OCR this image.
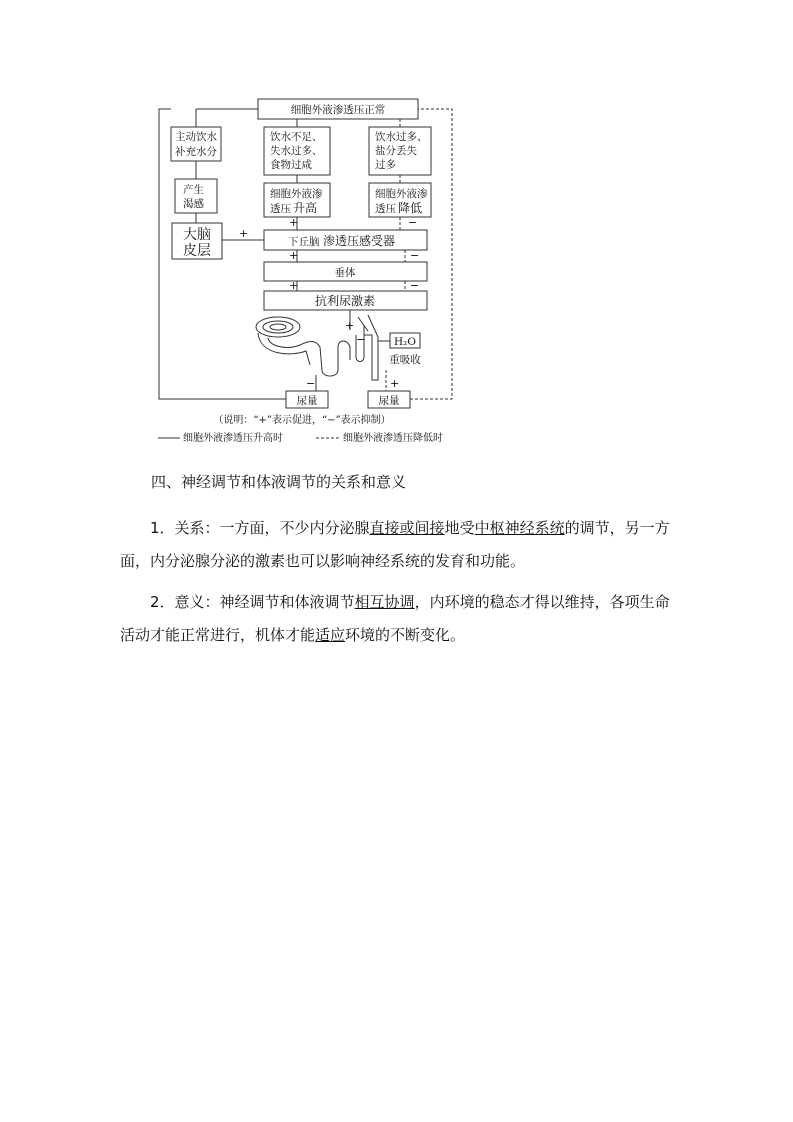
细胞外液渗透压正常
饮水不足、
失水过多、
食物过咸
饮水过多、
盐分丢失
过多
细胞外液渗
透压 升高
细胞外液渗
透压 降低
主动饮水
补充水分
产生
渴感
大脑
皮层
下丘脑 渗透压感受器
垂体
抗利尿激素
+	−
+	−
+	−
+
+
−	H₂O
重吸收
尿量	尿量
−	+
（说明：“+”表示促进，“−”表示抑制）
细胞外液渗透压升高时	细胞外液渗透压降低时
四、神经调节和体液调节的关系和意义
1．关系：一方面，不少内分泌腺直接或间接地受中枢神经系统的调节，另一方面，内分泌腺分泌的激素也可以影响神经系统的发育和功能。
2．意义：神经调节和体液调节相互协调，内环境的稳态才得以维持，各项生命活动才能正常进行，机体才能适应环境的不断变化。
